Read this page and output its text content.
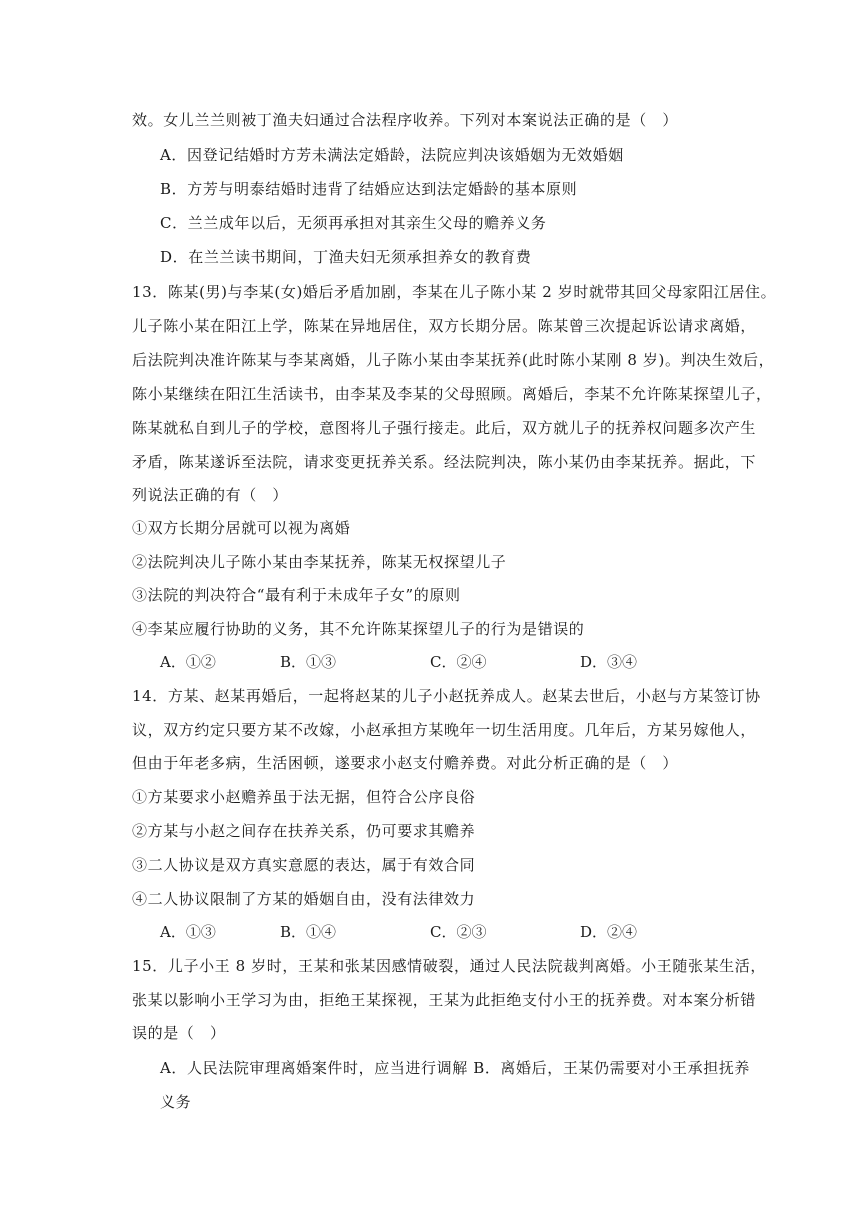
效。女儿兰兰则被丁渔夫妇通过合法程序收养。下列对本案说法正确的是（　）
A．因登记结婚时方芳未满法定婚龄，法院应判决该婚姻为无效婚姻
B．方芳与明泰结婚时违背了结婚应达到法定婚龄的基本原则
C．兰兰成年以后，无须再承担对其亲生父母的赡养义务
D．在兰兰读书期间，丁渔夫妇无须承担养女的教育费
13．陈某(男)与李某(女)婚后矛盾加剧，李某在儿子陈小某 2 岁时就带其回父母家阳江居住。
儿子陈小某在阳江上学，陈某在异地居住，双方长期分居。陈某曾三次提起诉讼请求离婚，
后法院判决准许陈某与李某离婚，儿子陈小某由李某抚养(此时陈小某刚 8 岁)。判决生效后，
陈小某继续在阳江生活读书，由李某及李某的父母照顾。离婚后，李某不允许陈某探望儿子，
陈某就私自到儿子的学校，意图将儿子强行接走。此后，双方就儿子的抚养权问题多次产生
矛盾，陈某遂诉至法院，请求变更抚养关系。经法院判决，陈小某仍由李某抚养。据此，下
列说法正确的有（　）
①双方长期分居就可以视为离婚
②法院判决儿子陈小某由李某抚养，陈某无权探望儿子
③法院的判决符合“最有利于未成年子女”的原则
④李某应履行协助的义务，其不允许陈某探望儿子的行为是错误的
A．①②	B．①③	C．②④	D．③④
14．方某、赵某再婚后，一起将赵某的儿子小赵抚养成人。赵某去世后，小赵与方某签订协
议，双方约定只要方某不改嫁，小赵承担方某晚年一切生活用度。几年后，方某另嫁他人，
但由于年老多病，生活困顿，遂要求小赵支付赡养费。对此分析正确的是（　）
①方某要求小赵赡养虽于法无据，但符合公序良俗
②方某与小赵之间存在扶养关系，仍可要求其赡养
③二人协议是双方真实意愿的表达，属于有效合同
④二人协议限制了方某的婚姻自由，没有法律效力
A．①③	B．①④	C．②③	D．②④
15．儿子小王 8 岁时，王某和张某因感情破裂，通过人民法院裁判离婚。小王随张某生活，
张某以影响小王学习为由，拒绝王某探视，王某为此拒绝支付小王的抚养费。对本案分析错
误的是（　）
A．人民法院审理离婚案件时，应当进行调解 B．离婚后，王某仍需要对小王承担抚养
义务
